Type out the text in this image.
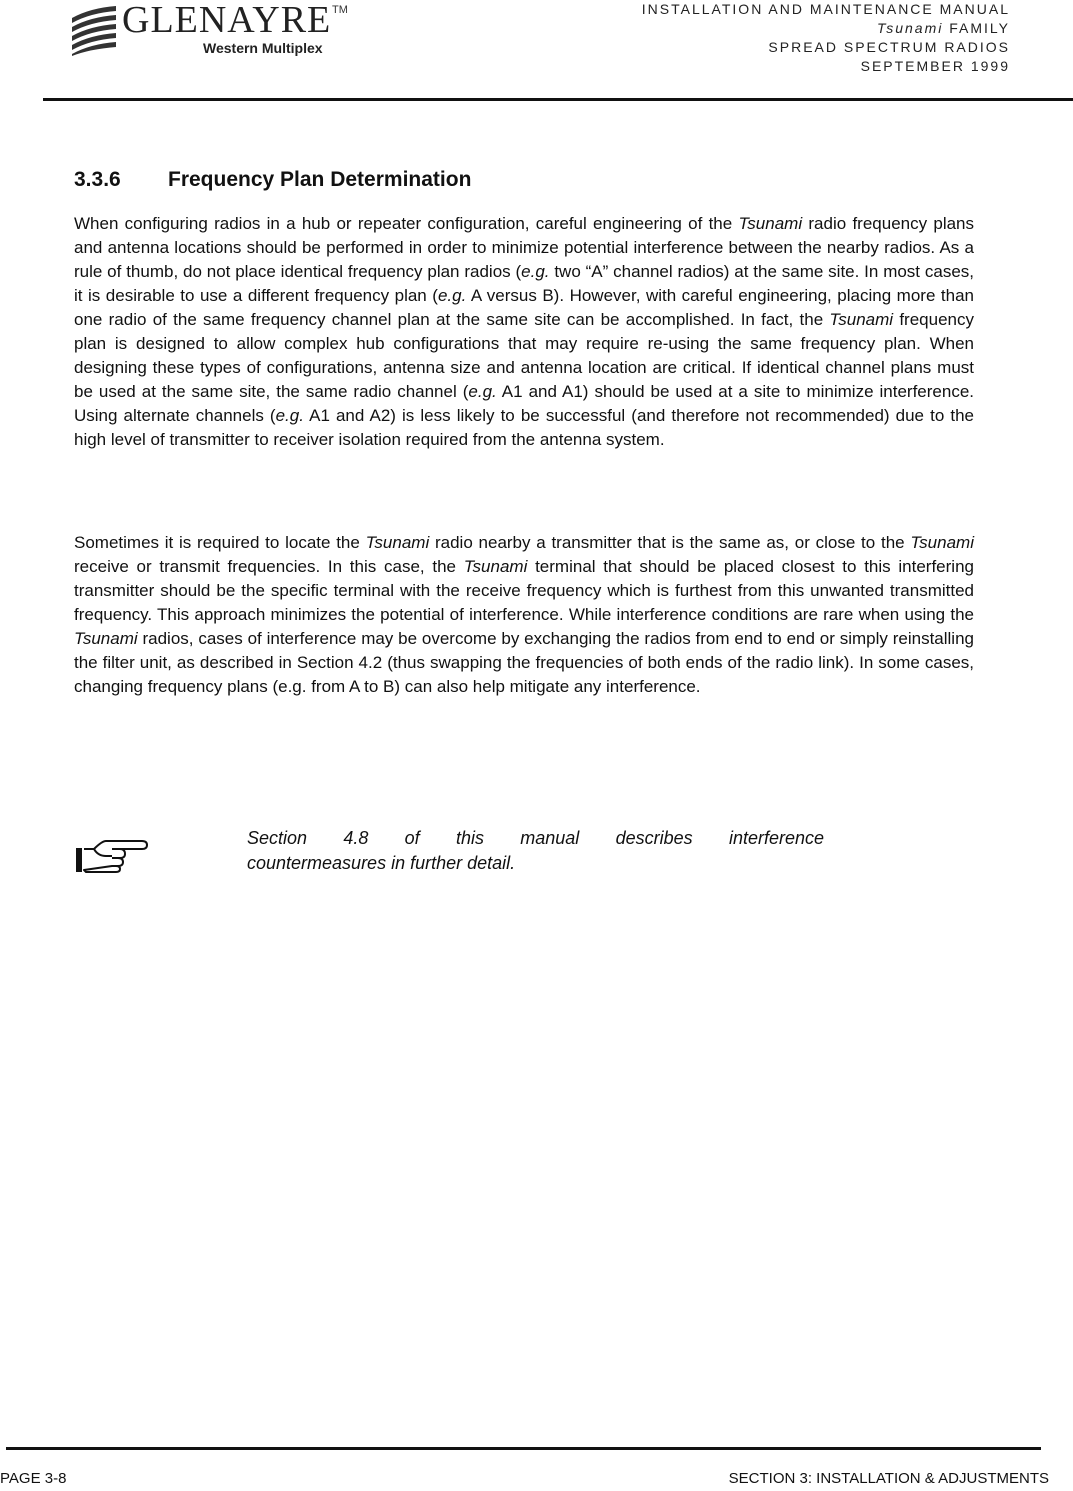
GLENAYRE TM
Western Multiplex
INSTALLATION AND MAINTENANCE MANUAL
Tsunami FAMILY
SPREAD SPECTRUM RADIOS
SEPTEMBER 1999
3.3.6 Frequency Plan Determination
When configuring radios in a hub or repeater configuration, careful engineering of the Tsunami radio frequency plans and antenna locations should be performed in order to minimize potential interference between the nearby radios. As a rule of thumb, do not place identical frequency plan radios (e.g. two “A” channel radios) at the same site. In most cases, it is desirable to use a different frequency plan (e.g. A versus B). However, with careful engineering, placing more than one radio of the same frequency channel plan at the same site can be accomplished. In fact, the Tsunami frequency plan is designed to allow complex hub configurations that may require re-using the same frequency plan. When designing these types of configurations, antenna size and antenna location are critical. If identical channel plans must be used at the same site, the same radio channel (e.g. A1 and A1) should be used at a site to minimize interference. Using alternate channels (e.g. A1 and A2) is less likely to be successful (and therefore not recommended) due to the high level of transmitter to receiver isolation required from the antenna system.
Sometimes it is required to locate the Tsunami radio nearby a transmitter that is the same as, or close to the Tsunami receive or transmit frequencies. In this case, the Tsunami terminal that should be placed closest to this interfering transmitter should be the specific terminal with the receive frequency which is furthest from this unwanted transmitted frequency. This approach minimizes the potential of interference. While interference conditions are rare when using the Tsunami radios, cases of interference may be overcome by exchanging the radios from end to end or simply reinstalling the filter unit, as described in Section 4.2 (thus swapping the frequencies of both ends of the radio link). In some cases, changing frequency plans (e.g. from A to B) can also help mitigate any interference.
Section 4.8 of this manual describes interference
countermeasures in further detail.
PAGE 3-8	SECTION 3: INSTALLATION & ADJUSTMENTS
